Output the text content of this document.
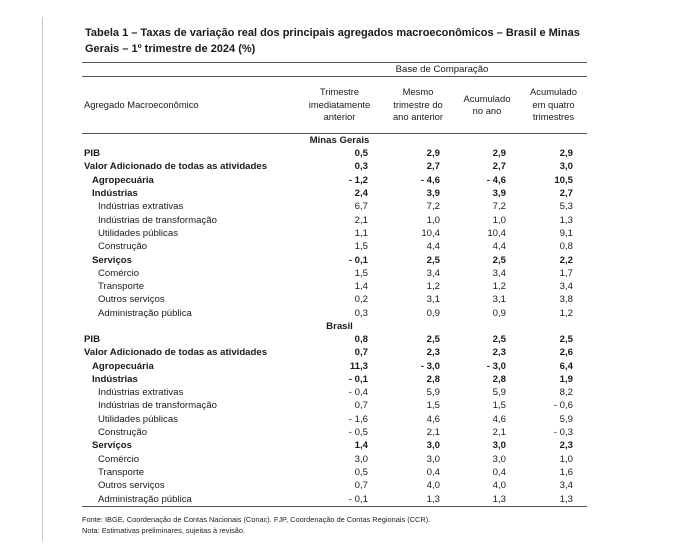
Tabela 1 – Taxas de variação real dos principais agregados macroeconômicos – Brasil e Minas Gerais – 1º trimestre de 2024 (%)
	Base de Comparação			
Agregado Macroeconômico	Trimestre imediatamente anterior	Mesmo trimestre do ano anterior	Acumulado no ano	Acumulado em quatro trimestres
	Minas Gerais			
PIB	0,5	2,9	2,9	2,9
Valor Adicionado de todas as atividades	0,3	2,7	2,7	3,0
Agropecuária	- 1,2	- 4,6	- 4,6	10,5
Indústrias	2,4	3,9	3,9	2,7
Indústrias extrativas	6,7	7,2	7,2	5,3
Indústrias de transformação	2,1	1,0	1,0	1,3
Utilidades públicas	1,1	10,4	10,4	9,1
Construção	1,5	4,4	4,4	0,8
Serviços	- 0,1	2,5	2,5	2,2
Comércio	1,5	3,4	3,4	1,7
Transporte	1,4	1,2	1,2	3,4
Outros serviços	0,2	3,1	3,1	3,8
Administração pública	0,3	0,9	0,9	1,2
	Brasil			
PIB	0,8	2,5	2,5	2,5
Valor Adicionado de todas as atividades	0,7	2,3	2,3	2,6
Agropecuária	11,3	- 3,0	- 3,0	6,4
Indústrias	- 0,1	2,8	2,8	1,9
Indústrias extrativas	- 0,4	5,9	5,9	8,2
Indústrias de transformação	0,7	1,5	1,5	- 0,6
Utilidades públicas	- 1,6	4,6	4,6	5,9
Construção	- 0,5	2,1	2,1	- 0,3
Serviços	1,4	3,0	3,0	2,3
Comércio	3,0	3,0	3,0	1,0
Transporte	0,5	0,4	0,4	1,6
Outros serviços	0,7	4,0	4,0	3,4
Administração pública	- 0,1	1,3	1,3	1,3
Fonte: IBGE, Coordenação de Contas Nacionais (Conac). FJP, Coordenação de Contas Regionais (CCR).
Nota: Estimativas preliminares, sujeitas à revisão.
